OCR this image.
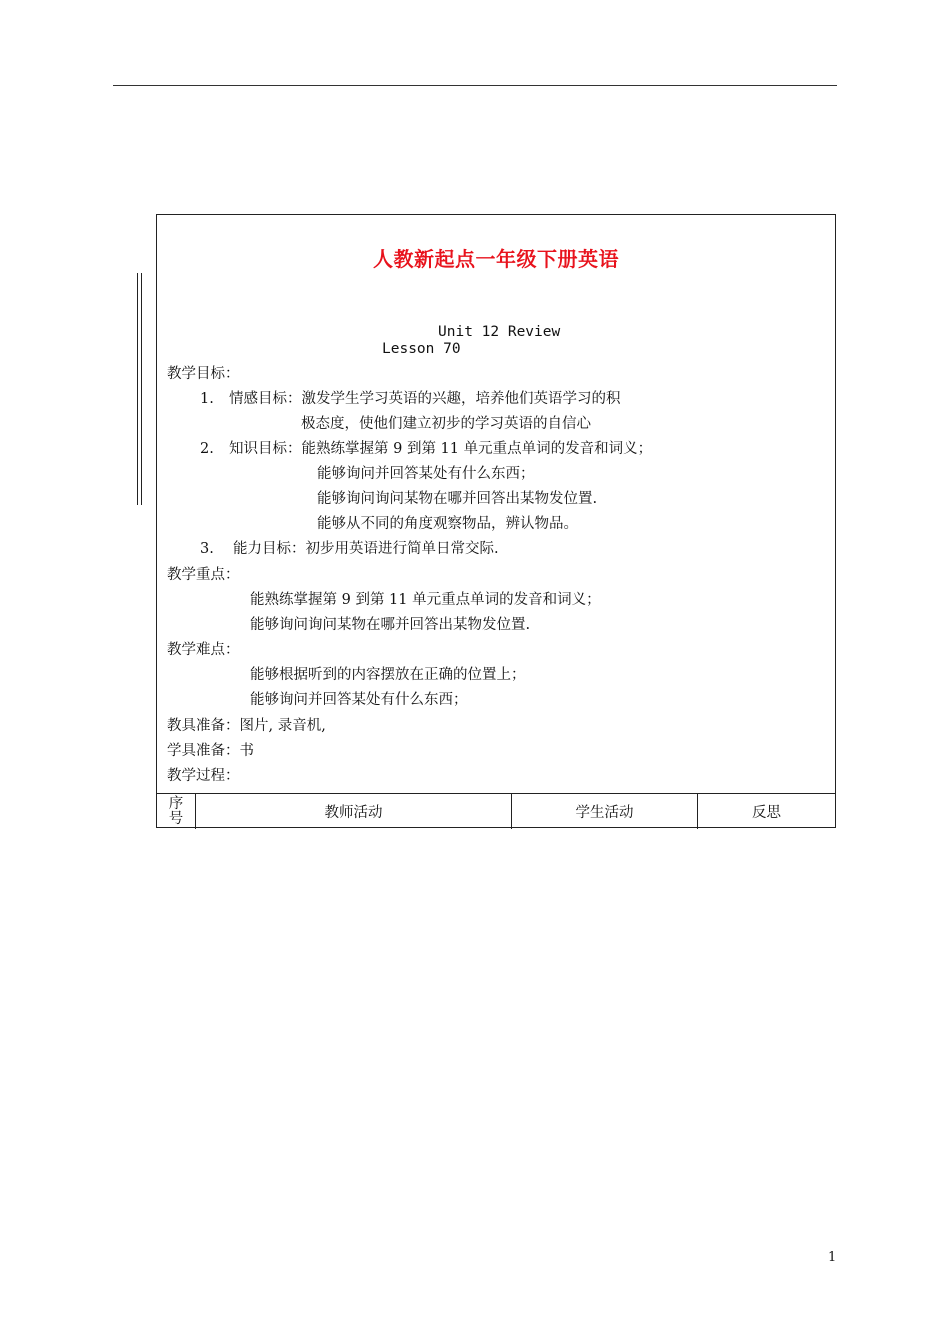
人教新起点一年级下册英语
Unit 12 Review
Lesson 70
教学目标：
1. 情感目标：激发学生学习英语的兴趣，培养他们英语学习的积
极态度，使他们建立初步的学习英语的自信心
2. 知识目标：能熟练掌握第 9 到第 11 单元重点单词的发音和词义；
能够询问并回答某处有什么东西；
能够询问询问某物在哪并回答出某物发位置.
能够从不同的角度观察物品，辨认物品。
3. 能力目标：初步用英语进行简单日常交际.
教学重点：
能熟练掌握第 9 到第 11 单元重点单词的发音和词义；
能够询问询问某物在哪并回答出某物发位置.
教学难点：
能够根据听到的内容摆放在正确的位置上；
能够询问并回答某处有什么东西；
教具准备：图片, 录音机,
学具准备：书
教学过程：
序
号	教师活动	学生活动	反思
1
